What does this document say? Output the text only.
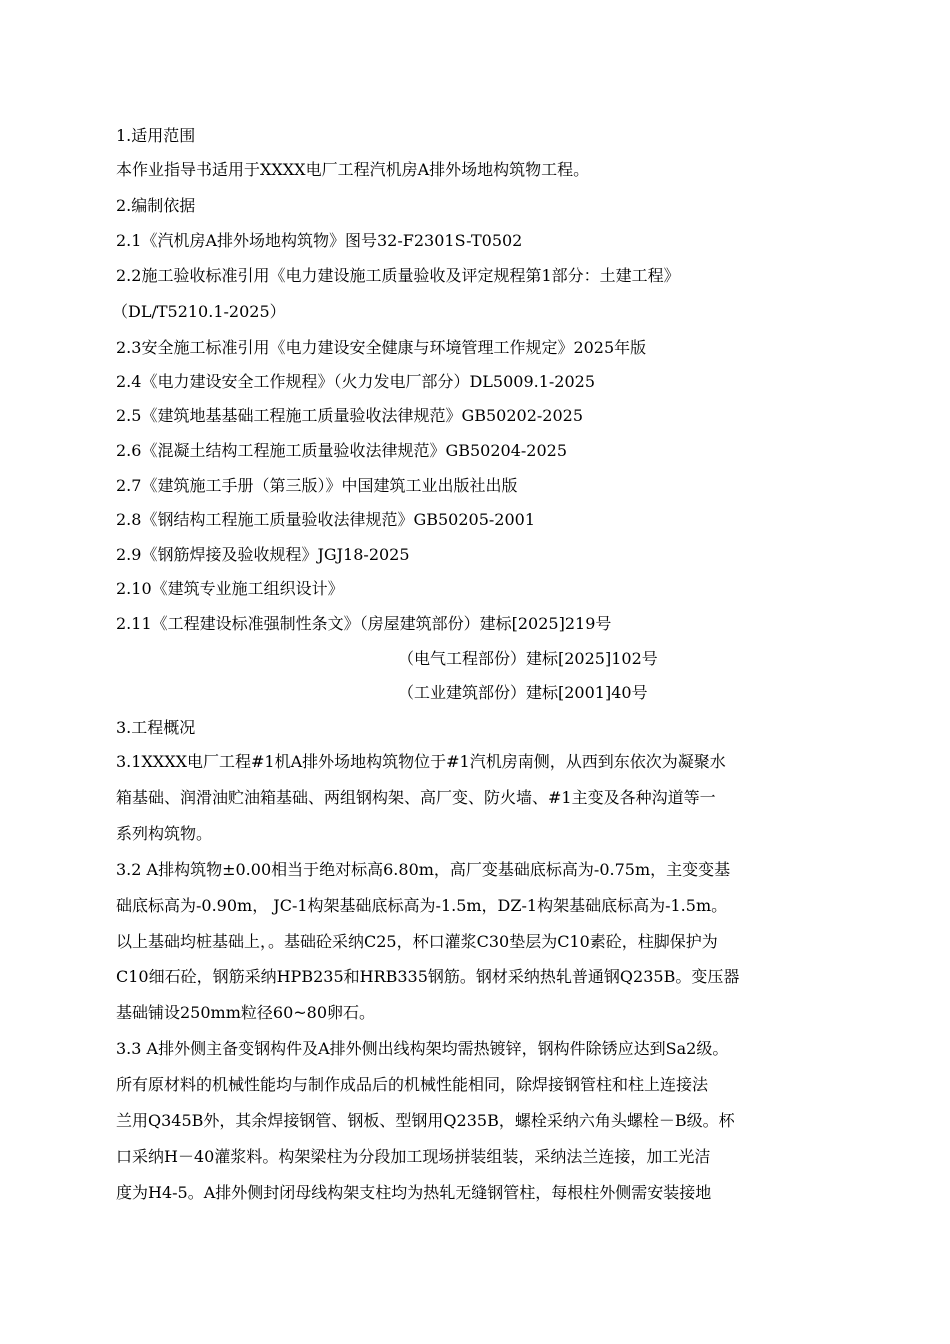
1.适用范围
本作业指导书适用于XXXX电厂工程汽机房A排外场地构筑物工程。
2.编制依据
2.1《汽机房A排外场地构筑物》图号32-F2301S-T0502
2.2施工验收标准引用《电力建设施工质量验收及评定规程第1部分：土建工程》
（DL/T5210.1-2025）
2.3安全施工标准引用《电力建设安全健康与环境管理工作规定》2025年版
2.4《电力建设安全工作规程》（火力发电厂部分）DL5009.1-2025
2.5《建筑地基基础工程施工质量验收法律规范》GB50202-2025
2.6《混凝土结构工程施工质量验收法律规范》GB50204-2025
2.7《建筑施工手册（第三版）》中国建筑工业出版社出版
2.8《钢结构工程施工质量验收法律规范》GB50205-2001
2.9《钢筋焊接及验收规程》JGJ18-2025
2.10《建筑专业施工组织设计》
2.11《工程建设标准强制性条文》（房屋建筑部份）建标[2025]219号
（电气工程部份）建标[2025]102号
（工业建筑部份）建标[2001]40号
3.工程概况
3.1XXXX电厂工程#1机A排外场地构筑物位于#1汽机房南侧，从西到东依次为凝聚水
箱基础、润滑油贮油箱基础、两组钢构架、高厂变、防火墙、#1主变及各种沟道等一
系列构筑物。
3.2 A排构筑物±0.00相当于绝对标高6.80m，高厂变基础底标高为-0.75m，主变变基
础底标高为-0.90m， JC-1构架基础底标高为-1.5m，DZ-1构架基础底标高为-1.5m。
以上基础均桩基础上，。基础砼采纳C25，杯口灌浆C30垫层为C10素砼，柱脚保护为
C10细石砼，钢筋采纳HPB235和HRB335钢筋。钢材采纳热轧普通钢Q235B。变压器
基础铺设250mm粒径60~80卵石。
3.3 A排外侧主备变钢构件及A排外侧出线构架均需热镀锌，钢构件除锈应达到Sa2级。
所有原材料的机械性能均与制作成品后的机械性能相同，除焊接钢管柱和柱上连接法
兰用Q345B外，其余焊接钢管、钢板、型钢用Q235B，螺栓采纳六角头螺栓－B级。杯
口采纳H－40灌浆料。构架梁柱为分段加工现场拼装组装，采纳法兰连接，加工光洁
度为H4-5。A排外侧封闭母线构架支柱均为热轧无缝钢管柱，每根柱外侧需安装接地
